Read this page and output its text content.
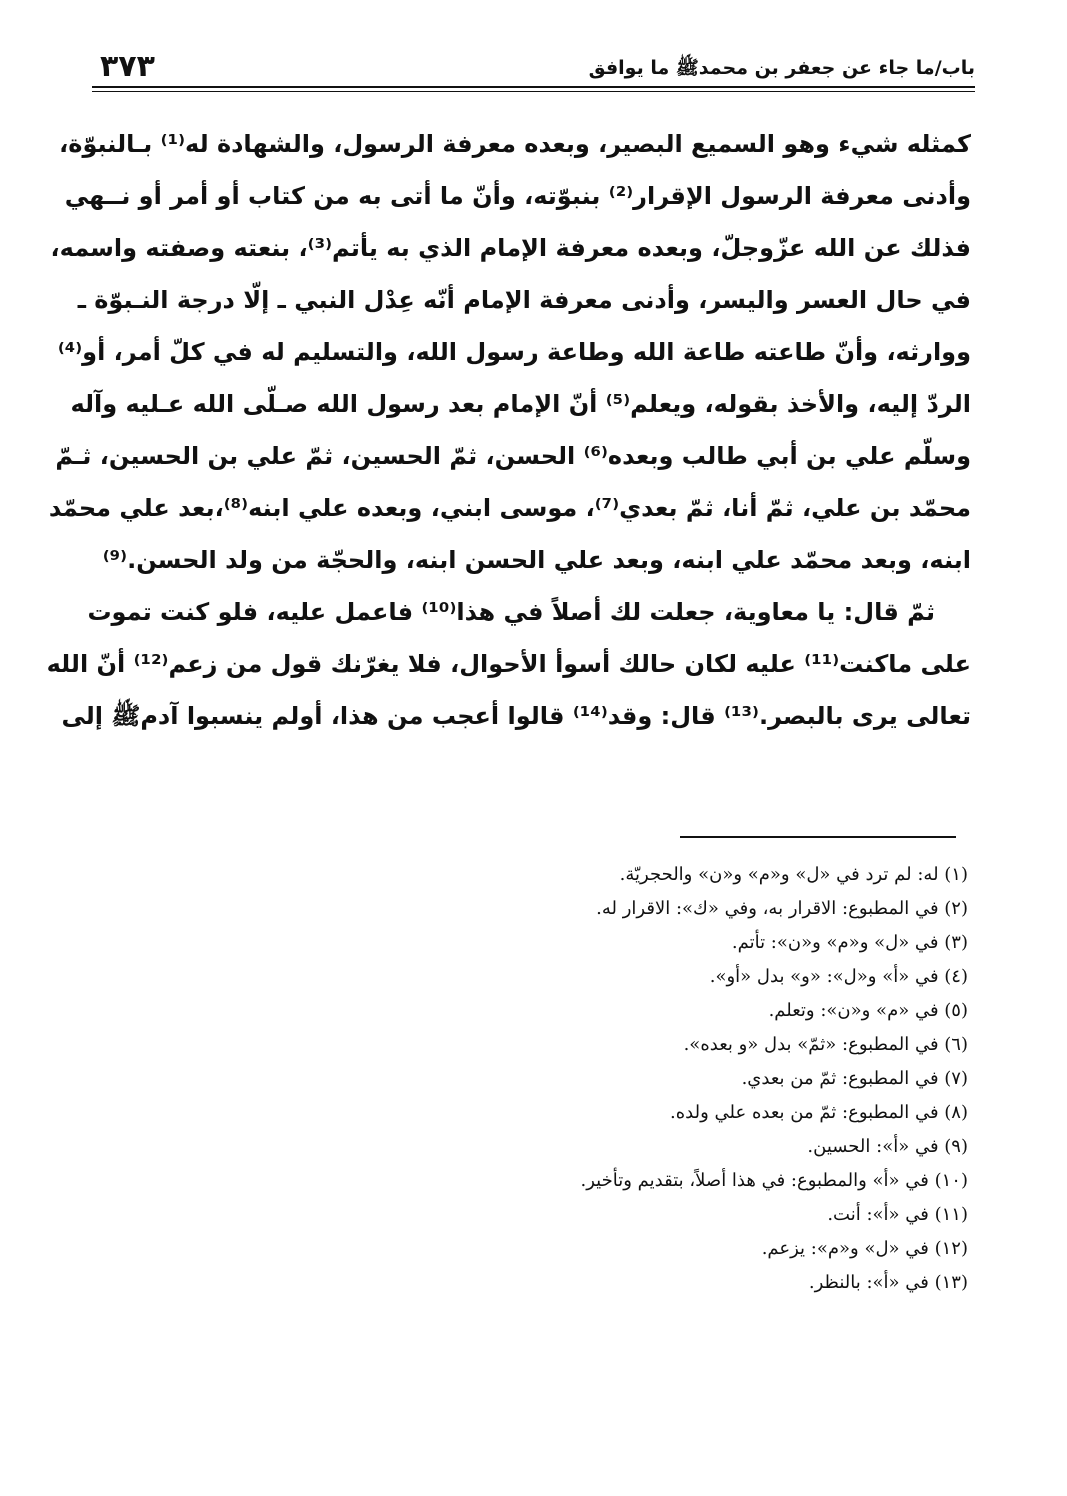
٣٧٣	باب/ما جاء عن جعفر بن محمدﷺ ما يوافق
كمثله شيء وهو السميع البصير، وبعده معرفة الرسول، والشهادة له⁽¹⁾ بـالنبوّة،
وأدنى معرفة الرسول الإقرار⁽²⁾ بنبوّته، وأنّ ما أتى به من كتاب أو أمر أو نــهي
فذلك عن الله عزّوجلّ، وبعده معرفة الإمام الذي به يأتم⁽³⁾، بنعته وصفته واسمه،
في حال العسر واليسر، وأدنى معرفة الإمام أنّه عِدْل النبي ـ إلّا درجة النـبوّة ـ
ووارثه، وأنّ طاعته طاعة الله وطاعة رسول الله، والتسليم له في كلّ أمر، أو⁽⁴⁾
الردّ إليه، والأخذ بقوله، ويعلم⁽⁵⁾ أنّ الإمام بعد رسول الله صـلّى الله عـليه وآله
وسلّم علي بن أبي طالب وبعده⁽⁶⁾ الحسن، ثمّ الحسين، ثمّ علي بن الحسين، ثـمّ
محمّد بن علي، ثمّ أنا، ثمّ بعدي⁽⁷⁾، موسى ابني، وبعده علي ابنه⁽⁸⁾،بعد علي محمّد
ابنه، وبعد محمّد علي ابنه، وبعد علي الحسن ابنه، والحجّة من ولد الحسن.⁽⁹⁾
ثمّ قال: يا معاوية، جعلت لك أصلاً في هذا⁽¹⁰⁾ فاعمل عليه، فلو كنت تموت
على ماكنت⁽¹¹⁾ عليه لكان حالك أسوأ الأحوال، فلا يغرّنك قول من زعم⁽¹²⁾ أنّ الله
تعالى يرى بالبصر.⁽¹³⁾ قال: وقد⁽¹⁴⁾ قالوا أعجب من هذا، أولم ينسبوا آدمﷺ إلى
(١) له: لم ترد في «ل» و«م» و«ن» والحجريّة.
(٢) في المطبوع: الاقرار به، وفي «ك»: الاقرار له.
(٣) في «ل» و«م» و«ن»: تأتم.
(٤) في «أ» و«ل»: «و» بدل «أو».
(٥) في «م» و«ن»: وتعلم.
(٦) في المطبوع: «ثمّ» بدل «و بعده».
(٧) في المطبوع: ثمّ من بعدي.
(٨) في المطبوع: ثمّ من بعده علي ولده.
(٩) في «أ»: الحسين.
(١٠) في «أ» والمطبوع: في هذا أصلاً، بتقديم وتأخير.
(١١) في «أ»: أنت.
(١٢) في «ل» و«م»: يزعم.
(١٣) في «أ»: بالنظر.
